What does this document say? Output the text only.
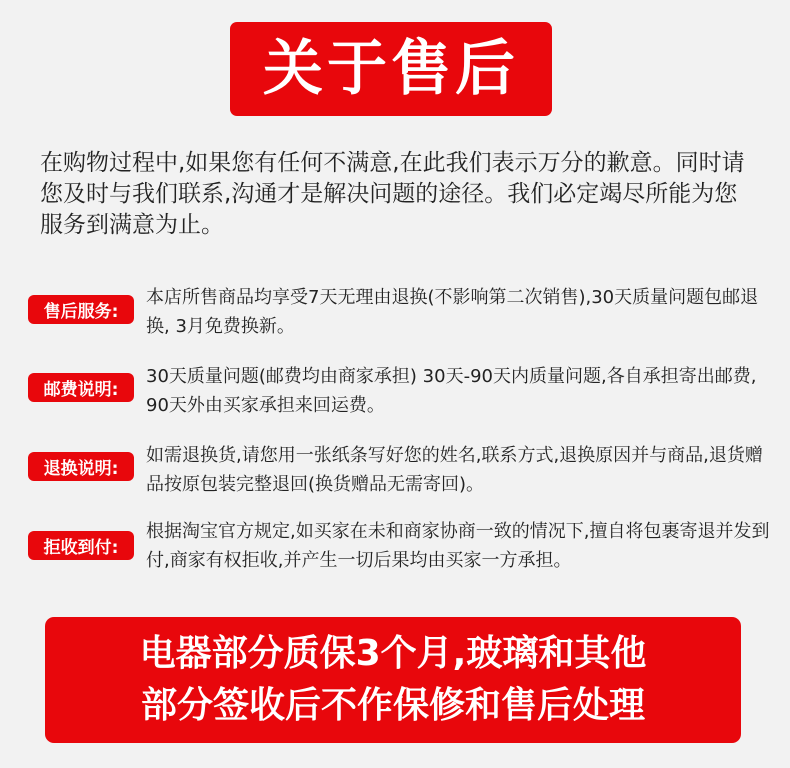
关于售后
在购物过程中,如果您有任何不满意,在此我们表示万分的歉意。同时请您及时与我们联系,沟通才是解决问题的途径。我们必定竭尽所能为您服务到满意为止。
售后服务:
本店所售商品均享受7天无理由退换(不影响第二次销售),30天质量问题包邮退换, 3月免费换新。
邮费说明:
30天质量问题(邮费均由商家承担) 30天-90天内质量问题,各自承担寄出邮费, 90天外由买家承担来回运费。
退换说明:
如需退换货,请您用一张纸条写好您的姓名,联系方式,退换原因并与商品,退货赠品按原包装完整退回(换货赠品无需寄回)。
拒收到付:
根据淘宝官方规定,如买家在未和商家协商一致的情况下,擅自将包裹寄退并发到付,商家有权拒收,并产生一切后果均由买家一方承担。
电器部分质保3个月,玻璃和其他
部分签收后不作保修和售后处理
